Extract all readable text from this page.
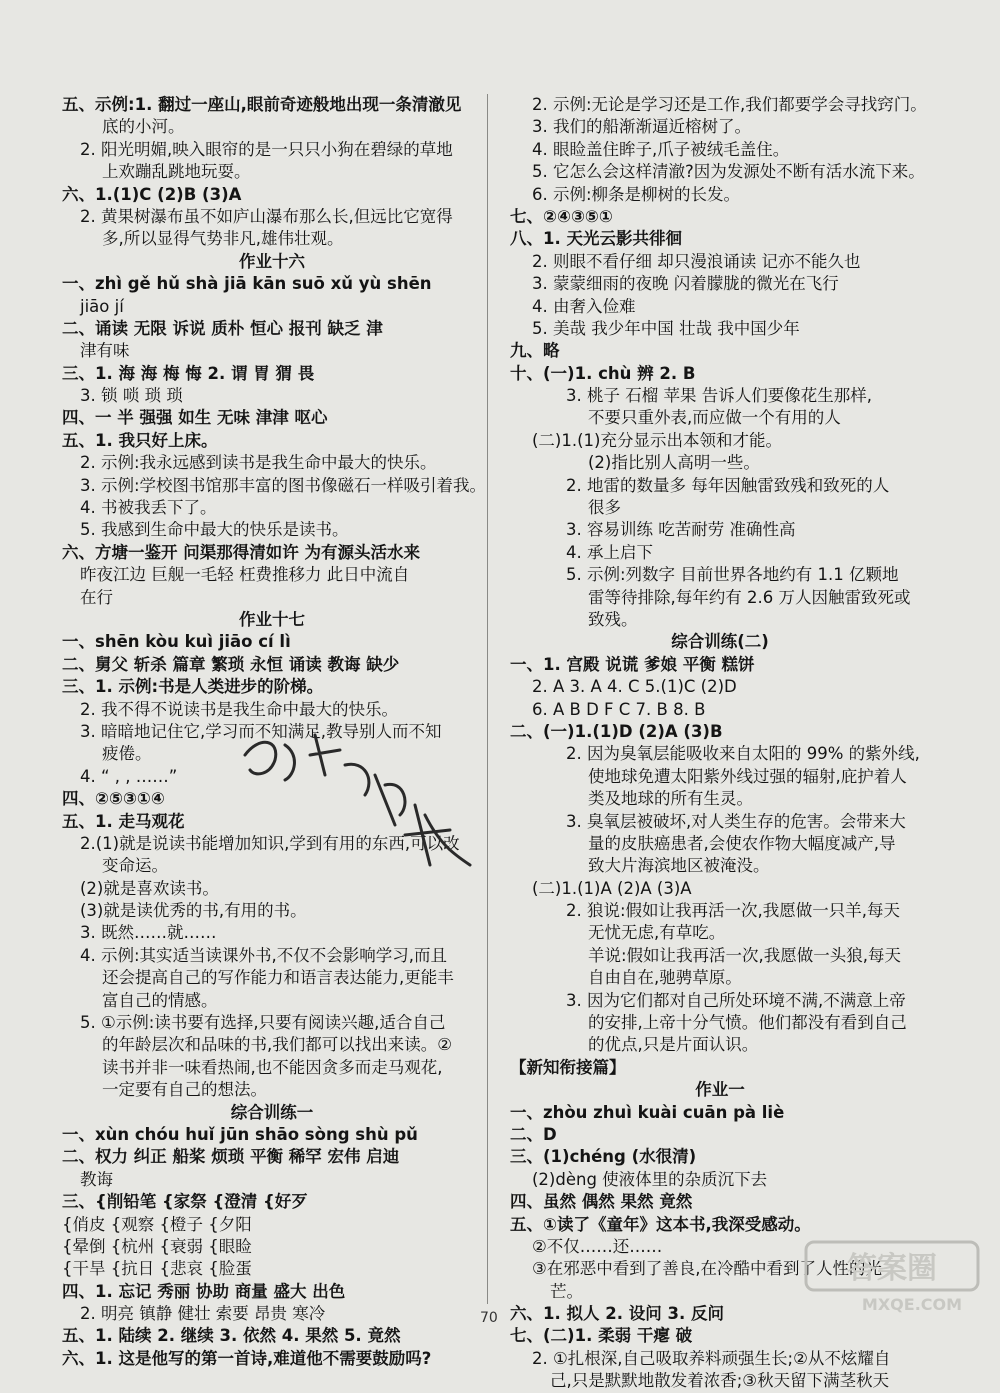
五、示例:1. 翻过一座山,眼前奇迹般地出现一条清澈见
底的小河。
2. 阳光明媚,映入眼帘的是一只只小狗在碧绿的草地
上欢蹦乱跳地玩耍。
六、1.(1)C (2)B (3)A
2. 黄果树瀑布虽不如庐山瀑布那么长,但远比它宽得
多,所以显得气势非凡,雄伟壮观。
作业十六
一、zhì gě hǔ shà jiā kān suō xǔ yù shēn
jiāo jí
二、诵读 无限 诉说 质朴 恒心 报刊 缺乏 津
津有味
三、1. 海 海 梅 悔 2. 谓 胃 猬 畏
3. 锁 唢 琐 琐
四、一 半 强强 如生 无味 津津 呕心
五、1. 我只好上床。
2. 示例:我永远感到读书是我生命中最大的快乐。
3. 示例:学校图书馆那丰富的图书像磁石一样吸引着我。
4. 书被我丢下了。
5. 我感到生命中最大的快乐是读书。
六、方塘一鉴开 问渠那得清如许 为有源头活水来
昨夜江边 巨舰一毛轻 枉费推移力 此日中流自
在行
作业十七
一、shēn kòu kuì jiāo cí lì
二、舅父 斩杀 篇章 繁琐 永恒 诵读 教诲 缺少
三、1. 示例:书是人类进步的阶梯。
2. 我不得不说读书是我生命中最大的快乐。
3. 暗暗地记住它,学习而不知满足,教导别人而不知
疲倦。
4. “ , , ……”
四、②⑤③①④
五、1. 走马观花
2.(1)就是说读书能增加知识,学到有用的东西,可以改
变命运。
(2)就是喜欢读书。
(3)就是读优秀的书,有用的书。
3. 既然……就……
4. 示例:其实适当读课外书,不仅不会影响学习,而且
还会提高自己的写作能力和语言表达能力,更能丰
富自己的情感。
5. ①示例:读书要有选择,只要有阅读兴趣,适合自己
的年龄层次和品味的书,我们都可以找出来读。②
读书并非一味看热闹,也不能因贪多而走马观花,
一定要有自己的想法。
综合训练一
一、xùn chóu huǐ jūn shāo sòng shù pǔ
二、权力 纠正 船桨 烦琐 平衡 稀罕 宏伟 启迪
教诲
三、{削铅笔 {家祭 {澄清 {好歹
{俏皮 {观察 {橙子 {夕阳
{晕倒 {杭州 {衰弱 {眼睑
{干旱 {抗日 {悲哀 {脸蛋
四、1. 忘记 秀丽 协助 商量 盛大 出色
2. 明亮 镇静 健壮 索要 昂贵 寒冷
五、1. 陆续 2. 继续 3. 依然 4. 果然 5. 竟然
六、1. 这是他写的第一首诗,难道他不需要鼓励吗?
2. 示例:无论是学习还是工作,我们都要学会寻找窍门。
3. 我们的船渐渐逼近榕树了。
4. 眼睑盖住眸子,爪子被绒毛盖住。
5. 它怎么会这样清澈?因为发源处不断有活水流下来。
6. 示例:柳条是柳树的长发。
七、②④③⑤①
八、1. 天光云影共徘徊
2. 则眼不看仔细 却只漫浪诵读 记亦不能久也
3. 蒙蒙细雨的夜晚 闪着朦胧的微光在飞行
4. 由奢入俭难
5. 美哉 我少年中国 壮哉 我中国少年
九、略
十、(一)1. chù 辨 2. B
3. 桃子 石榴 苹果 告诉人们要像花生那样,
不要只重外表,而应做一个有用的人
(二)1.(1)充分显示出本领和才能。
(2)指比别人高明一些。
2. 地雷的数量多 每年因触雷致残和致死的人
很多
3. 容易训练 吃苦耐劳 准确性高
4. 承上启下
5. 示例:列数字 目前世界各地约有 1.1 亿颗地
雷等待排除,每年约有 2.6 万人因触雷致死或
致残。
综合训练(二)
一、1. 宫殿 说谎 爹娘 平衡 糕饼
2. A 3. A 4. C 5.(1)C (2)D
6. A B D F C 7. B 8. B
二、(一)1.(1)D (2)A (3)B
2. 因为臭氧层能吸收来自太阳的 99% 的紫外线,
使地球免遭太阳紫外线过强的辐射,庇护着人
类及地球的所有生灵。
3. 臭氧层被破坏,对人类生存的危害。会带来大
量的皮肤癌患者,会使农作物大幅度减产,导
致大片海滨地区被淹没。
(二)1.(1)A (2)A (3)A
2. 狼说:假如让我再活一次,我愿做一只羊,每天
无忧无虑,有草吃。
羊说:假如让我再活一次,我愿做一头狼,每天
自由自在,驰骋草原。
3. 因为它们都对自己所处环境不满,不满意上帝
的安排,上帝十分气愤。他们都没有看到自己
的优点,只是片面认识。
【新知衔接篇】
作业一
一、zhòu zhuì kuài cuān pà liè
二、D
三、(1)chéng (水很清)
(2)dèng 使液体里的杂质沉下去
四、虽然 偶然 果然 竟然
五、①读了《童年》这本书,我深受感动。
②不仅……还……
③在邪恶中看到了善良,在冷酷中看到了人性的光
芒。
六、1. 拟人 2. 设问 3. 反问
七、(二)1. 柔弱 干瘪 破
2. ①扎根深,自己吸取养料顽强生长;②从不炫耀自
己,只是默默地散发着浓香;③秋天留下满茎秋天
答案圈
MXQE.COM
70
